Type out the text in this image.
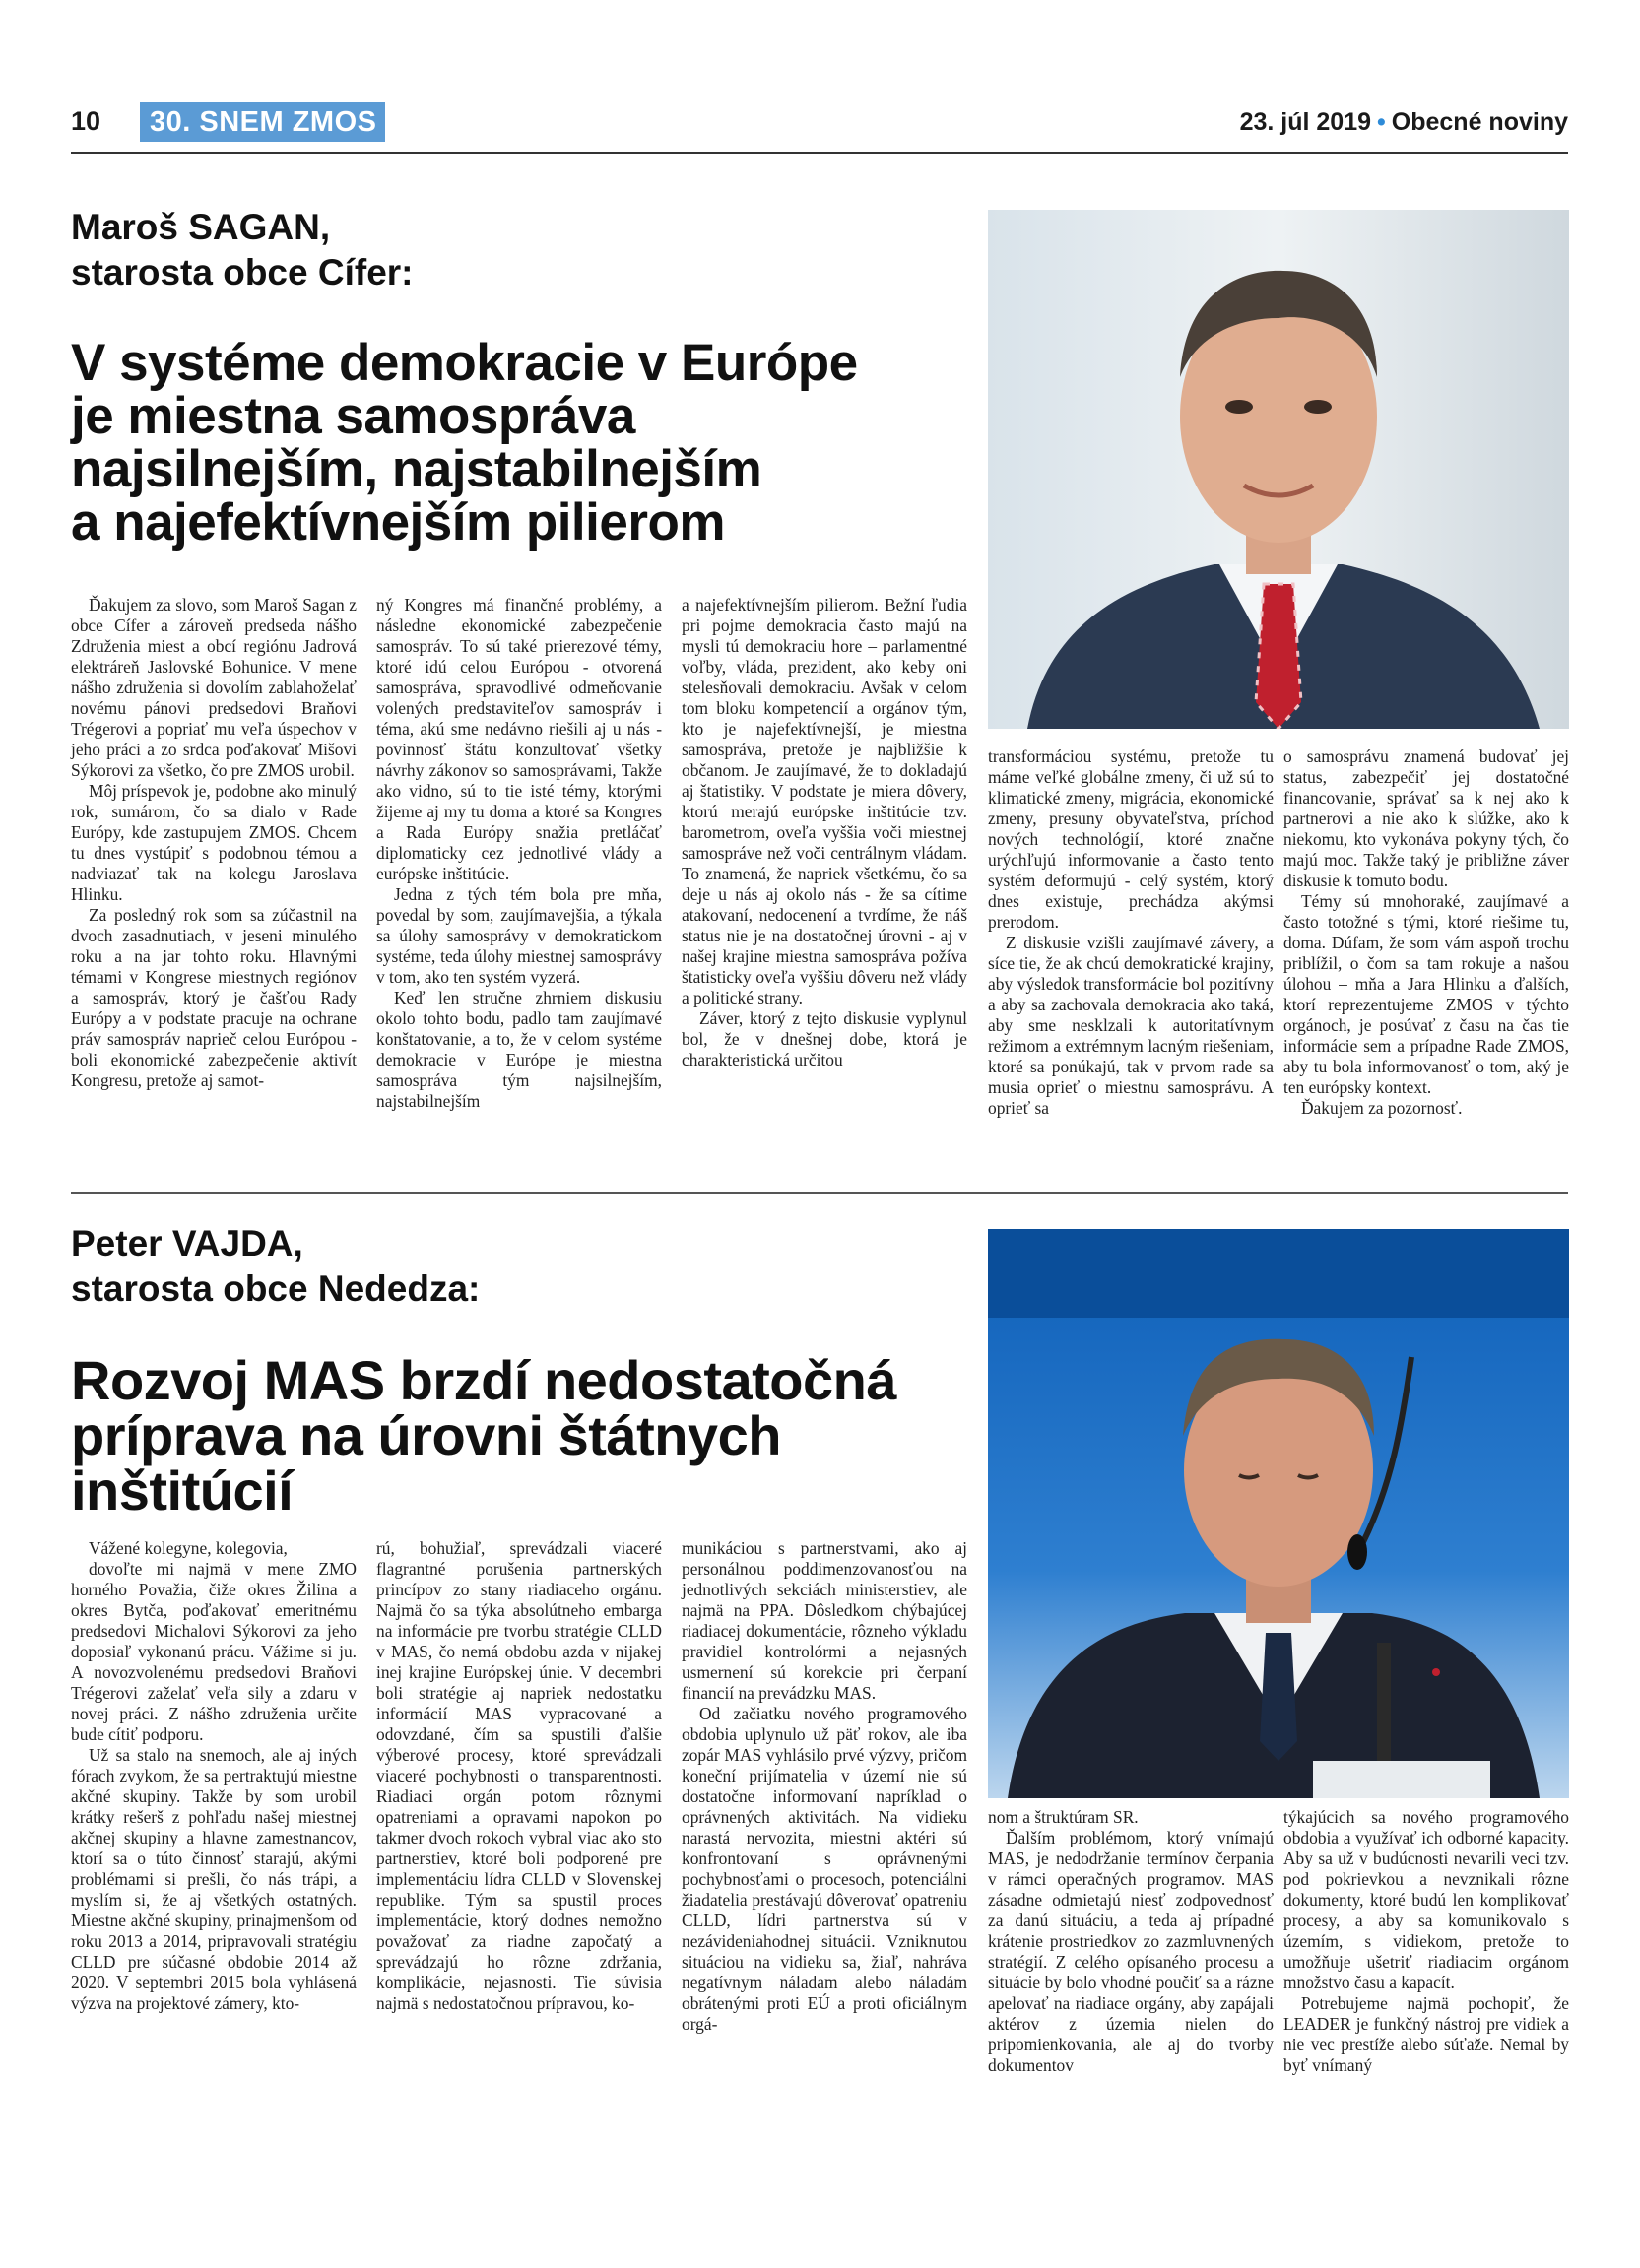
10	30. SNEM ZMOS	23. júl 2019 • Obecné noviny
Maroš SAGAN,
starosta obce Cífer:
V systéme demokracie v Európe
je miestna samospráva
najsilnejším, najstabilnejším
a najefektívnejším pilierom

Ďakujem za slovo, som Maroš Sagan z obce Cífer a zároveň predseda nášho Združenia miest a obcí regiónu Jadrová elektráreň Jaslovské Bohunice. V mene nášho združenia si dovolím zablahoželať novému pánovi predsedovi Braňovi Trégerovi a popriať mu veľa úspechov v jeho práci a zo srdca poďakovať Mišovi Sýkorovi za všetko, čo pre ZMOS urobil.

Môj príspevok je, podobne ako minulý rok, sumárom, čo sa dialo v Rade Európy, kde zastupujem ZMOS. Chcem tu dnes vystúpiť s podobnou témou a nadviazať tak na kolegu Jaroslava Hlinku.

Za posledný rok som sa zúčastnil na dvoch zasadnutiach, v jeseni minulého roku a na jar tohto roku. Hlavnými témami v Kongrese miestnych regiónov a samospráv, ktorý je čašťou Rady Európy a v podstate pracuje na ochrane práv samospráv naprieč celou Európou - boli ekonomické zabezpečenie aktivít Kongresu, pretože aj samot-

ný Kongres má finančné problémy, a následne ekonomické zabezpečenie samospráv. To sú také prierezové témy, ktoré idú celou Európou - otvorená samospráva, spravodlivé odmeňovanie volených predstaviteľov samospráv i téma, akú sme nedávno riešili aj u nás - povinnosť štátu konzultovať všetky návrhy zákonov so samosprávami, Takže ako vidno, sú to tie isté témy, ktorými žijeme aj my tu doma a ktoré sa Kongres a Rada Európy snažia pretláčať diplomaticky cez jednotlivé vlády a európske inštitúcie.

Jedna z tých tém bola pre mňa, povedal by som, zaujímavejšia, a týkala sa úlohy samosprávy v demokratickom systéme, teda úlohy miestnej samosprávy v tom, ako ten systém vyzerá.

Keď len stručne zhrniem diskusiu okolo tohto bodu, padlo tam zaujímavé konštatovanie, a to, že v celom systéme demokracie v Európe je miestna samospráva tým najsilnejším, najstabilnejším

a najefektívnejším pilierom. Bežní ľudia pri pojme demokracia často majú na mysli tú demokraciu hore – parlamentné voľby, vláda, prezident, ako keby oni stelesňovali demokraciu. Avšak v celom tom bloku kompetencií a orgánov tým, kto je najefektívnejší, je miestna samospráva, pretože je najbližšie k občanom. Je zaujímavé, že to dokladajú aj štatistiky. V podstate je miera dôvery, ktorú merajú európske inštitúcie tzv. barometrom, oveľa vyššia voči miestnej samospráve než voči centrálnym vládam. To znamená, že napriek všetkému, čo sa deje u nás aj okolo nás - že sa cítime atakovaní, nedocenení a tvrdíme, že náš status nie je na dostatočnej úrovni - aj v našej krajine miestna samospráva požíva štatisticky oveľa vyššiu dôveru než vlády a politické strany.

Záver, ktorý z tejto diskusie vyplynul bol, že v dnešnej dobe, ktorá je charakteristická určitou

transformáciou systému, pretože tu máme veľké globálne zmeny, či už sú to klimatické zmeny, migrácia, ekonomické zmeny, presuny obyvateľstva, príchod nových technológií, ktoré značne urýchľujú informovanie a často tento systém deformujú - celý systém, ktorý dnes existuje, prechádza akýmsi prerodom.

Z diskusie vzišli zaujímavé závery, a síce tie, že ak chcú demokratické krajiny, aby výsledok transformácie bol pozitívny a aby sa zachovala demokracia ako taká, aby sme nesklzali k autoritatívnym režimom a extrémnym lacným riešeniam, ktoré sa ponúkajú, tak v prvom rade sa musia oprieť o miestnu samosprávu. A oprieť sa

o samosprávu znamená budovať jej status, zabezpečiť jej dostatočné financovanie, správať sa k nej ako k partnerovi a nie ako k slúžke, ako k niekomu, kto vykonáva pokyny tých, čo majú moc. Takže taký je približne záver diskusie k tomuto bodu.

Témy sú mnohoraké, zaujímavé a často totožné s tými, ktoré riešime tu, doma. Dúfam, že som vám aspoň trochu priblížil, o čom sa tam rokuje a našou úlohou – mňa a Jara Hlinku a ďalších, ktorí reprezentujeme ZMOS v týchto orgánoch, je posúvať z času na čas tie informácie sem a prípadne Rade ZMOS, aby tu bola informovanosť o tom, aký je ten európsky kontext.

Ďakujem za pozornosť.

Peter VAJDA,
starosta obce Nededza:
Rozvoj MAS brzdí nedostatočná
príprava na úrovni štátnych
inštitúcií

Vážené kolegyne, kolegovia,

dovoľte mi najmä v mene ZMO horného Považia, čiže okres Žilina a okres Bytča, poďakovať emeritnému predsedovi Michalovi Sýkorovi za jeho doposiaľ vykonanú prácu. Vážime si ju. A novozvolenému predsedovi Braňovi Trégerovi zaželať veľa sily a zdaru v novej práci. Z nášho združenia určite bude cítiť podporu.

Už sa stalo na snemoch, ale aj iných fórach zvykom, že sa pertraktujú miestne akčné skupiny. Takže by som urobil krátky rešerš z pohľadu našej miestnej akčnej skupiny a hlavne zamestnancov, ktorí sa o túto činnosť starajú, akými problémami si prešli, čo nás trápi, a myslím si, že aj všetkých ostatných. Miestne akčné skupiny, prinajmenšom od roku 2013 a 2014, pripravovali stratégiu CLLD pre súčasné obdobie 2014 až 2020. V septembri 2015 bola vyhlásená výzva na projektové zámery, kto-

rú, bohužiaľ, sprevádzali viaceré flagrantné porušenia partnerských princípov zo stany riadiaceho orgánu. Najmä čo sa týka absolútneho embarga na informácie pre tvorbu stratégie CLLD v MAS, čo nemá obdobu azda v nijakej inej krajine Európskej únie. V decembri boli stratégie aj napriek nedostatku informácií MAS vypracované a odovzdané, čím sa spustili ďalšie výberové procesy, ktoré sprevádzali viaceré pochybnosti o transparentnosti. Riadiaci orgán potom rôznymi opatreniami a opravami napokon po takmer dvoch rokoch vybral viac ako sto partnerstiev, ktoré boli podporené pre implementáciu lídra CLLD v Slovenskej republike. Tým sa spustil proces implementácie, ktorý dodnes nemožno považovať za riadne započatý a sprevádzajú ho rôzne zdržania, komplikácie, nejasnosti. Tie súvisia najmä s nedostatočnou prípravou, ko-

munikáciou s partnerstvami, ako aj personálnou poddimenzovanosťou na jednotlivých sekciách ministerstiev, ale najmä na PPA. Dôsledkom chýbajúcej riadiacej dokumentácie, rôzneho výkladu pravidiel kontrolórmi a nejasných usmernení sú korekcie pri čerpaní financií na prevádzku MAS.

Od začiatku nového programového obdobia uplynulo už päť rokov, ale iba zopár MAS vyhlásilo prvé výzvy, pričom koneční prijímatelia v území nie sú dostatočne informovaní napríklad o oprávnených aktivitách. Na vidieku narastá nervozita, miestni aktéri sú konfrontovaní s oprávnenými pochybnosťami o procesoch, potenciálni žiadatelia prestávajú dôverovať opatreniu CLLD, lídri partnerstva sú v nezávideniahodnej situácii. Vzniknutou situáciou na vidieku sa, žiaľ, nahráva negatívnym náladam alebo náladám obrátenými proti EÚ a proti oficiálnym orgá-

nom a štruktúram SR.

Ďalším problémom, ktorý vnímajú MAS, je nedodržanie termínov čerpania v rámci operačných programov. MAS zásadne odmietajú niesť zodpovednosť za danú situáciu, a teda aj prípadné krátenie prostriedkov zo zazmluvnených stratégií. Z celého opísaného procesu a situácie by bolo vhodné poučiť sa a rázne apelovať na riadiace orgány, aby zapájali aktérov z územia nielen do pripomienkovania, ale aj do tvorby dokumentov

týkajúcich sa nového programového obdobia a využívať ich odborné kapacity. Aby sa už v budúcnosti nevarili veci tzv. pod pokrievkou a nevznikali rôzne dokumenty, ktoré budú len komplikovať procesy, a aby sa komunikovalo s územím, s vidiekom, pretože to umožňuje ušetriť riadiacim orgánom množstvo času a kapacít.

Potrebujeme najmä pochopiť, že LEADER je funkčný nástroj pre vidiek a nie vec prestíže alebo súťaže. Nemal by byť vnímaný
